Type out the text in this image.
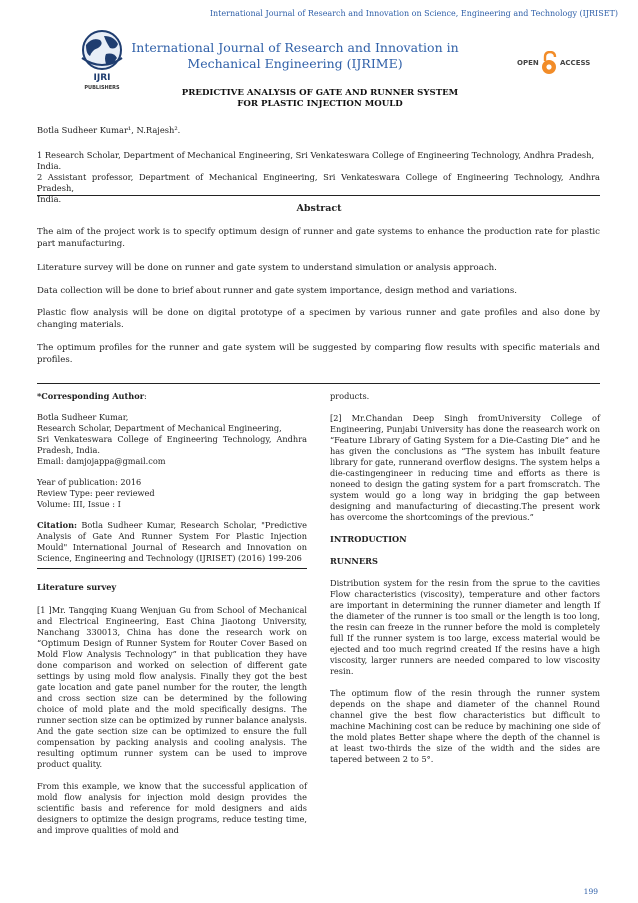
International Journal of Research and Innovation on Science, Engineering and Technology (IJRISET)
IJRI
PUBLISHERS
International Journal of Research and Innovation in
Mechanical Engineering (IJRIME)	OPEN	ACCESS
PREDICTIVE ANALYSIS OF GATE AND RUNNER SYSTEM
FOR PLASTIC INJECTION MOULD
Botla Sudheer Kumar¹, N.Rajesh².
1 Research Scholar, Department of Mechanical Engineering, Sri Venkateswara College of Engineering Technology, Andhra Pradesh,
India.
2 Assistant professor, Department of Mechanical Engineering, Sri Venkateswara College of Engineering Technology, Andhra Pradesh,
India.
Abstract

The aim of the project work is to specify optimum design of runner and gate systems to enhance the production rate for plastic part manufacturing.

Literature survey will be done on runner and gate system to understand simulation or analysis approach.

Data collection will be done to brief about runner and gate system importance, design method and variations.

Plastic flow analysis will be done on digital prototype of a specimen by various runner and gate profiles and also done by changing materials.

The optimum profiles for the runner and gate system will be suggested by comparing flow results with specific materials and profiles.

*Corresponding Author:
Botla Sudheer Kumar,
Research Scholar, Department of Mechanical Engineering,
Sri Venkateswara College of Engineering Technology, Andhra Pradesh, India.
Email: damjojappa@gmail.com
Year of publication: 2016
Review Type: peer reviewed
Volume: III, Issue : I
Citation: Botla Sudheer Kumar, Research Scholar, "Predictive Analysis of Gate And Runner System For Plastic Injection Mould" International Journal of Research and Innovation on Science, Engineering and Technology (IJRISET) (2016) 199-206
Literature survey

[1 ]Mr. Tangqing Kuang Wenjuan Gu from School of Mechanical and Electrical Engineering, East China Jiaotong University, Nanchang 330013, China has done the research work on “Optimum Design of Runner System for Router Cover Based on Mold Flow Analysis Technology” in that publication they have done comparison and worked on selection of different gate settings by using mold flow analysis. Finally they got the best gate location and gate panel number for the router, the length and cross section size can be determined by the following choice of mold plate and the mold specifically designs. The runner section size can be optimized by runner balance analysis. And the gate section size can be optimized to ensure the full compensation by packing analysis and cooling analysis. The resulting optimum runner system can be used to improve product quality.

From this example, we know that the successful application of mold flow analysis for injection mold design provides the scientific basis and reference for mold designers and aids designers to optimize the design programs, reduce testing time, and improve qualities of mold and

products.

[2] Mr.Chandan Deep Singh fromUniversity College of Engineering, Punjabi University has done the reasearch work on “Feature Library of Gating System for a Die-Casting Die” and he has given the conclusions as “The system has inbuilt feature library for gate, runnerand overflow designs. The system helps a die-castingengineer in reducing time and efforts as there is noneed to design the gating system for a part fromscratch. The system would go a long way in bridging the gap between designing and manufacturing of diecasting.The present work has overcome the shortcomings of the previous.”

INTRODUCTION
RUNNERS

Distribution system for the resin from the sprue to the cavities Flow characteristics (viscosity), temperature and other factors are important in determining the runner diameter and length If the diameter of the runner is too small or the length is too long, the resin can freeze in the runner before the mold is completely full If the runner system is too large, excess material would be ejected and too much regrind created If the resins have a high viscosity, larger runners are needed compared to low viscosity resin.

The optimum flow of the resin through the runner system depends on the shape and diameter of the channel Round channel give the best flow characteristics but difficult to machine Machining cost can be reduce by machining one side of the mold plates Better shape where the depth of the channel is at least two-thirds the size of the width and the sides are tapered between 2 to 5°.

199
